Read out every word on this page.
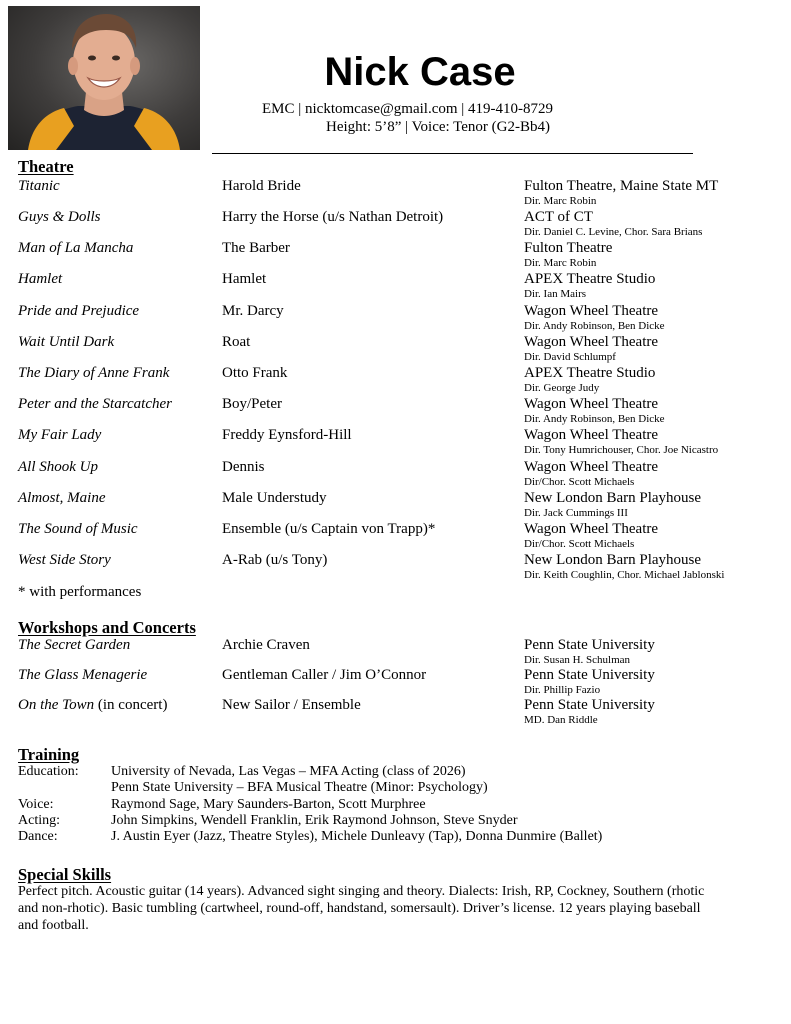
Nick Case
EMC | nicktomcase@gmail.com | 419-410-8729
Height: 5’8” | Voice: Tenor (G2-Bb4)
Theatre
Titanic	Harold Bride	Fulton Theatre, Maine State MT
Dir. Marc Robin
Guys & Dolls	Harry the Horse (u/s Nathan Detroit)	ACT of CT
Dir. Daniel C. Levine, Chor. Sara Brians
Man of La Mancha	The Barber	Fulton Theatre
Dir. Marc Robin
Hamlet	Hamlet	APEX Theatre Studio
Dir. Ian Mairs
Pride and Prejudice	Mr. Darcy	Wagon Wheel Theatre
Dir. Andy Robinson, Ben Dicke
Wait Until Dark	Roat	Wagon Wheel Theatre
Dir. David Schlumpf
The Diary of Anne Frank	Otto Frank	APEX Theatre Studio
Dir. George Judy
Peter and the Starcatcher	Boy/Peter	Wagon Wheel Theatre
Dir. Andy Robinson, Ben Dicke
My Fair Lady	Freddy Eynsford-Hill	Wagon Wheel Theatre
Dir. Tony Humrichouser, Chor. Joe Nicastro
All Shook Up	Dennis	Wagon Wheel Theatre
Dir/Chor. Scott Michaels
Almost, Maine	Male Understudy	New London Barn Playhouse
Dir. Jack Cummings III
The Sound of Music	Ensemble (u/s Captain von Trapp)*	Wagon Wheel Theatre
Dir/Chor. Scott Michaels
West Side Story	A-Rab (u/s Tony)	New London Barn Playhouse
Dir. Keith Coughlin, Chor. Michael Jablonski
* with performances
Workshops and Concerts
The Secret Garden	Archie Craven	Penn State University
Dir. Susan H. Schulman
The Glass Menagerie	Gentleman Caller / Jim O’Connor	Penn State University
Dir. Phillip Fazio
On the Town (in concert)	New Sailor / Ensemble	Penn State University
MD. Dan Riddle
Training
Education: University of Nevada, Las Vegas – MFA Acting (class of 2026)
Penn State University – BFA Musical Theatre (Minor: Psychology)
Voice:	Raymond Sage, Mary Saunders-Barton, Scott Murphree
Acting:	John Simpkins, Wendell Franklin, Erik Raymond Johnson, Steve Snyder
Dance:	J. Austin Eyer (Jazz, Theatre Styles), Michele Dunleavy (Tap), Donna Dunmire (Ballet)
Special Skills
Perfect pitch. Acoustic guitar (14 years). Advanced sight singing and theory. Dialects: Irish, RP, Cockney, Southern (rhotic and non-rhotic). Basic tumbling (cartwheel, round-off, handstand, somersault). Driver’s license. 12 years playing baseball and football.
